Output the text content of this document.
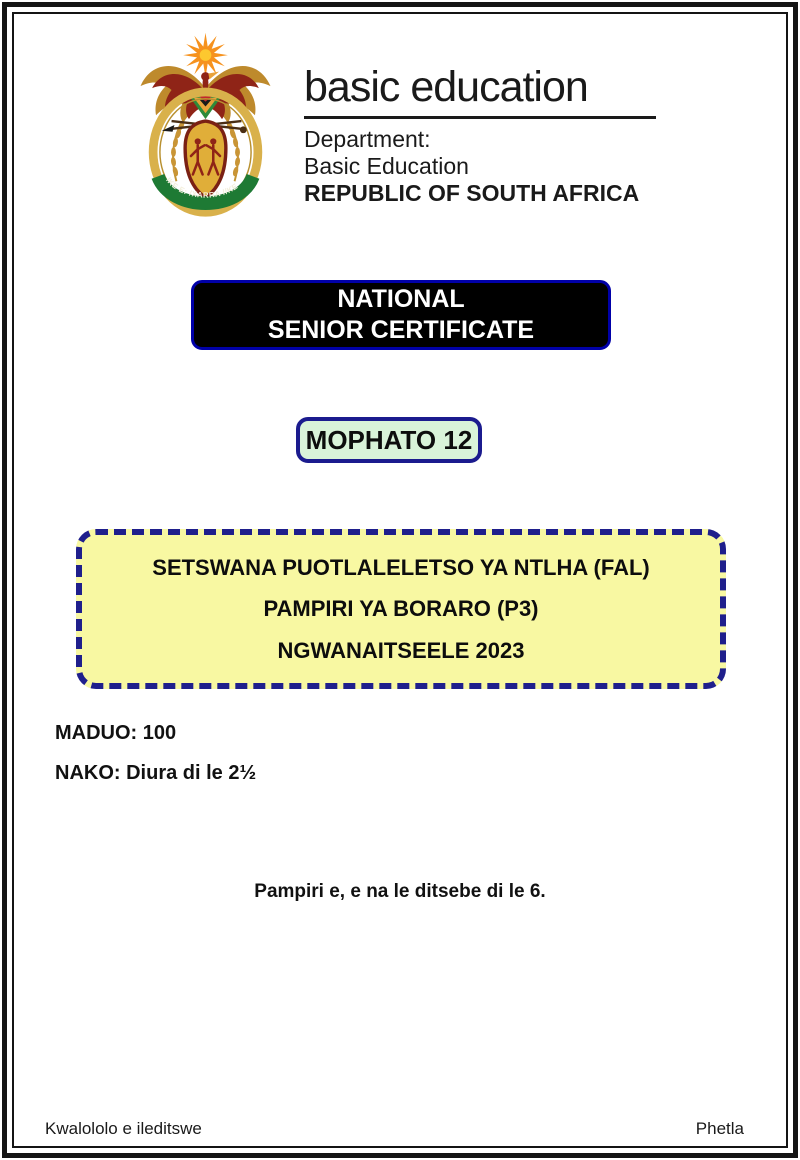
IKE E: /XARRA //KE
basic education
Department:
Basic Education
REPUBLIC OF SOUTH AFRICA
NATIONAL
SENIOR CERTIFICATE
MOPHATO 12
SETSWANA PUOTLALELETSO YA NTLHA (FAL)
PAMPIRI YA BORARO (P3)
NGWANAITSEELE 2023
MADUO: 100
NAKO: Diura di le 2½
Pampiri e, e na le ditsebe di le 6.
Kwalololo e ileditswe	Phetla
